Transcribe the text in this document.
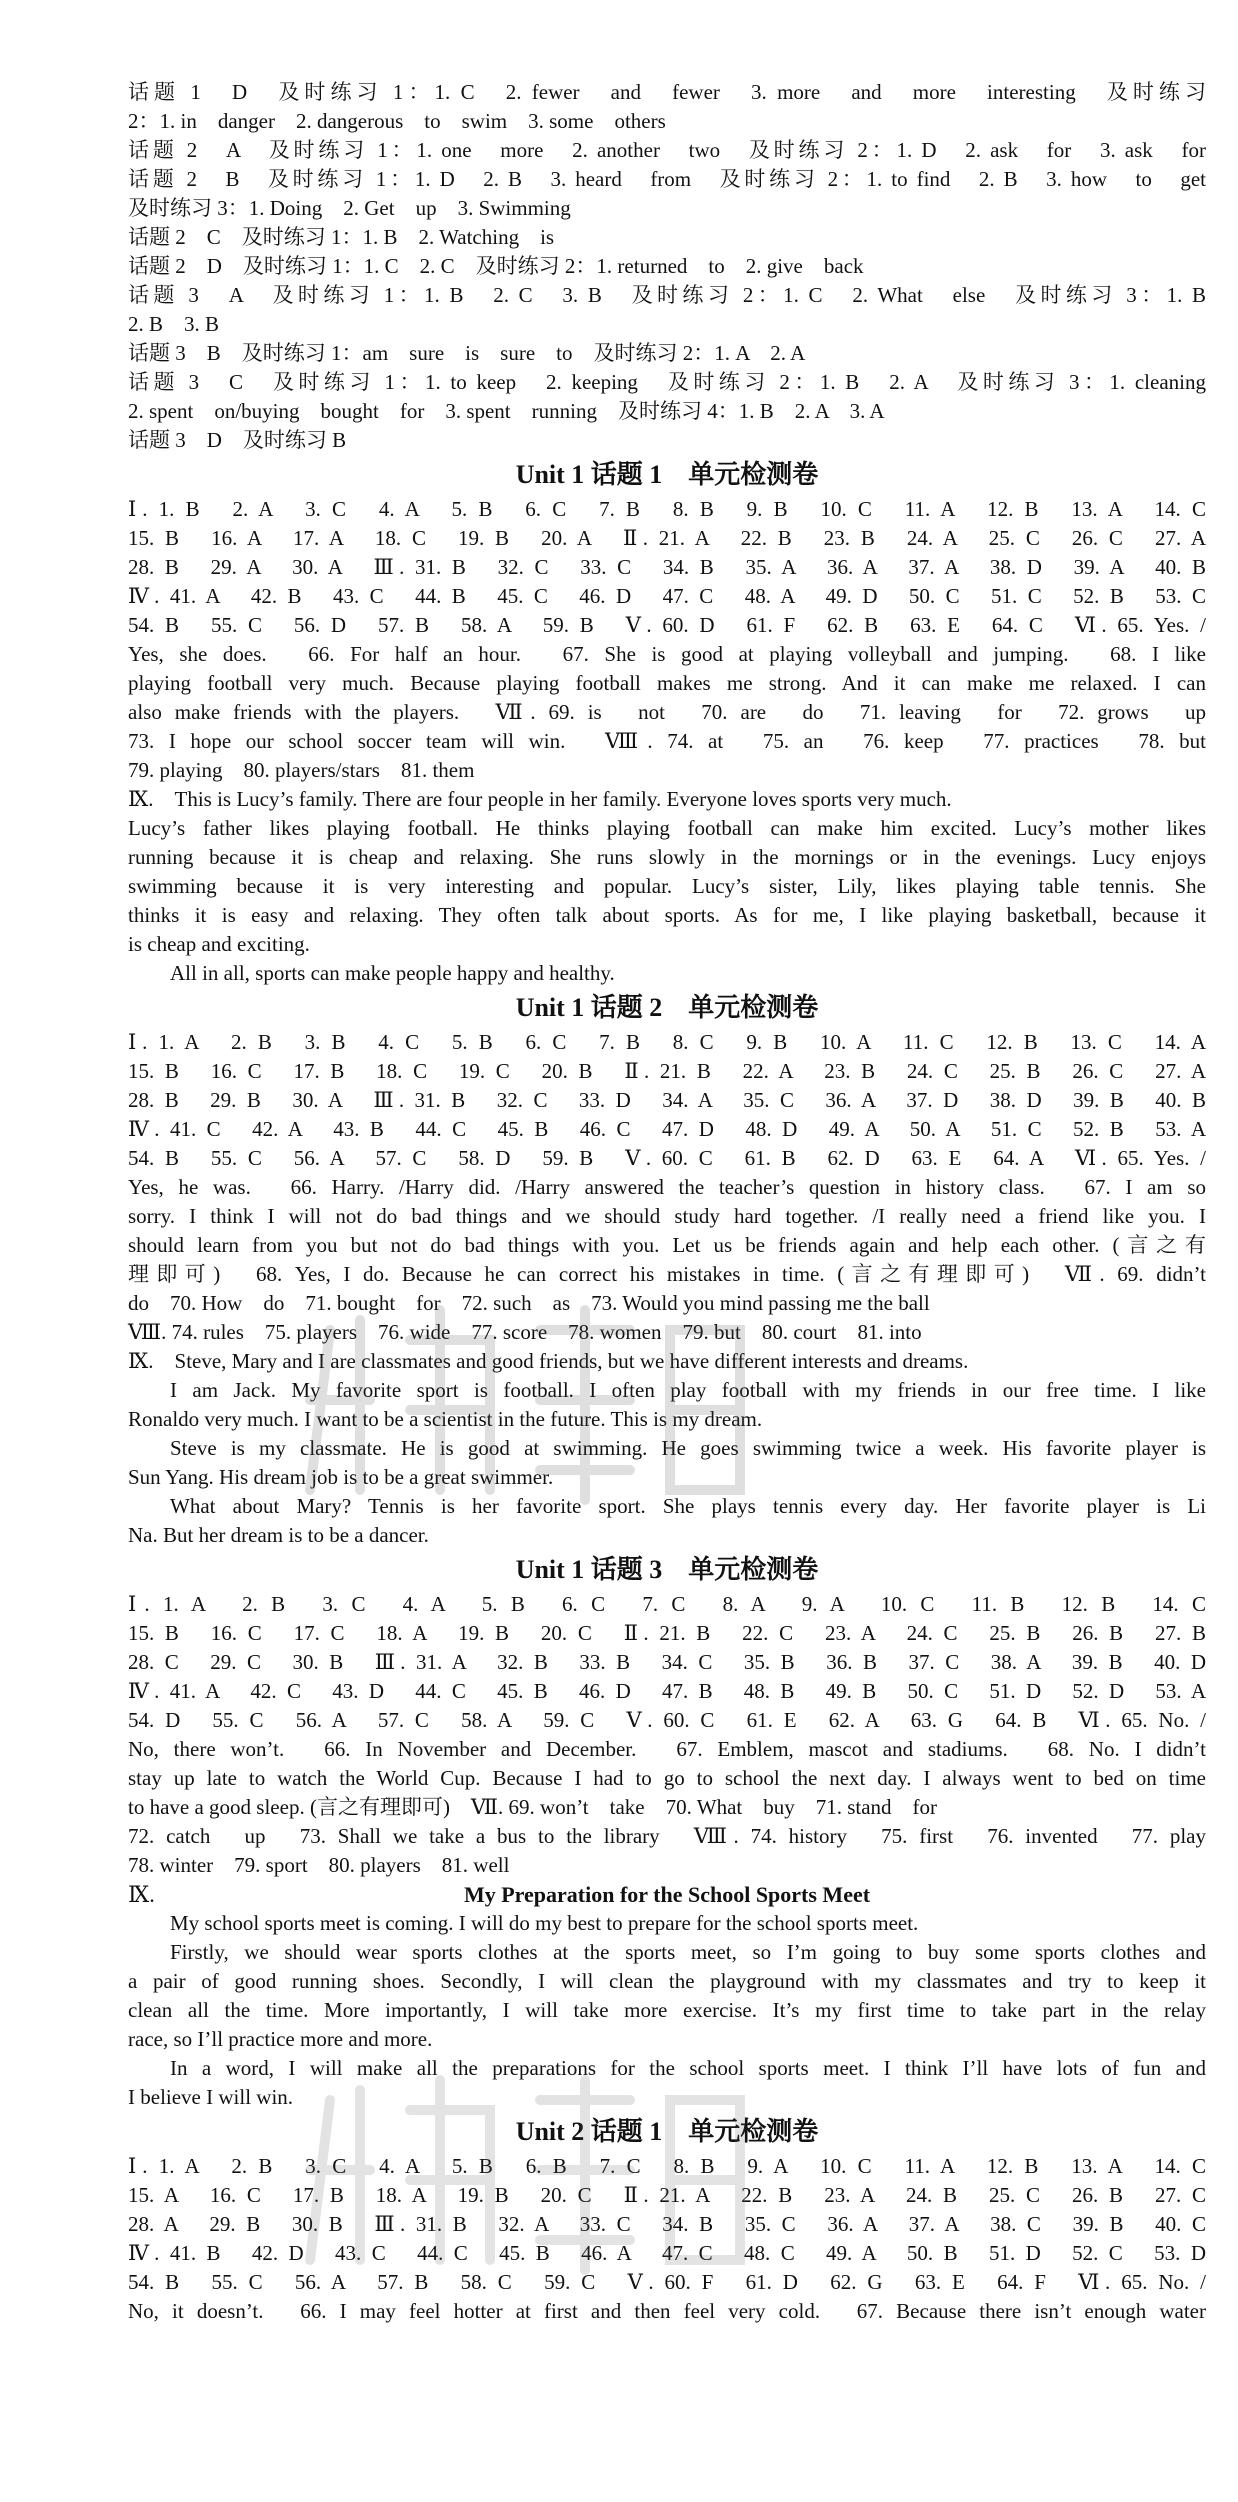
话题 1　D　及时练习 1：1. C　2. fewer　and　fewer　3. more　and　more　interesting　及时练习
2：1. in　danger　2. dangerous　to　swim　3. some　others
话题 2　A　及时练习 1：1. one　more　2. another　two　及时练习 2：1. D　2. ask　for　3. ask　for
话题 2　B　及时练习 1：1. D　2. B　3. heard　from　及时练习 2：1. to find　2. B　3. how　to　get
及时练习 3：1. Doing　2. Get　up　3. Swimming
话题 2　C　及时练习 1：1. B　2. Watching　is
话题 2　D　及时练习 1：1. C　2. C　及时练习 2：1. returned　to　2. give　back
话题 3　A　及时练习 1：1. B　2. C　3. B　及时练习 2：1. C　2. What　else　及时练习 3：1. B
2. B　3. B
话题 3　B　及时练习 1：am　sure　is　sure　to　及时练习 2：1. A　2. A
话题 3　C　及时练习 1：1. to keep　2. keeping　及时练习 2：1. B　2. A　及时练习 3：1. cleaning
2. spent　on/buying　bought　for　3. spent　running　及时练习 4：1. B　2. A　3. A
话题 3　D　及时练习 B
Unit 1 话题 1　单元检测卷
Ⅰ. 1. B　2. A　3. C　4. A　5. B　6. C　7. B　8. B　9. B　10. C　11. A　12. B　13. A　14. C
15. B　16. A　17. A　18. C　19. B　20. A　Ⅱ. 21. A　22. B　23. B　24. A　25. C　26. C　27. A
28. B　29. A　30. A　Ⅲ. 31. B　32. C　33. C　34. B　35. A　36. A　37. A　38. D　39. A　40. B
Ⅳ. 41. A　42. B　43. C　44. B　45. C　46. D　47. C　48. A　49. D　50. C　51. C　52. B　53. C
54. B　55. C　56. D　57. B　58. A　59. B　Ⅴ. 60. D　61. F　62. B　63. E　64. C　Ⅵ. 65. Yes. /
Yes, she does.　66. For half an hour.　67. She is good at playing volleyball and jumping.　68. I like
playing football very much. Because playing football makes me strong. And it can make me relaxed. I can
also make friends with the players.　Ⅶ. 69. is　not　70. are　do　71. leaving　for　72. grows　up
73. I hope our school soccer team will win.　Ⅷ. 74. at　75. an　76. keep　77. practices　78. but
79. playing　80. players/stars　81. them
Ⅸ.　This is Lucy’s family. There are four people in her family. Everyone loves sports very much.
Lucy’s father likes playing football. He thinks playing football can make him excited. Lucy’s mother likes
running because it is cheap and relaxing. She runs slowly in the mornings or in the evenings. Lucy enjoys
swimming because it is very interesting and popular. Lucy’s sister, Lily, likes playing table tennis. She
thinks it is easy and relaxing. They often talk about sports. As for me, I like playing basketball, because it
is cheap and exciting.
All in all, sports can make people happy and healthy.
Unit 1 话题 2　单元检测卷
Ⅰ. 1. A　2. B　3. B　4. C　5. B　6. C　7. B　8. C　9. B　10. A　11. C　12. B　13. C　14. A
15. B　16. C　17. B　18. C　19. C　20. B　Ⅱ. 21. B　22. A　23. B　24. C　25. B　26. C　27. A
28. B　29. B　30. A　Ⅲ. 31. B　32. C　33. D　34. A　35. C　36. A　37. D　38. D　39. B　40. B
Ⅳ. 41. C　42. A　43. B　44. C　45. B　46. C　47. D　48. D　49. A　50. A　51. C　52. B　53. A
54. B　55. C　56. A　57. C　58. D　59. B　Ⅴ. 60. C　61. B　62. D　63. E　64. A　Ⅵ. 65. Yes. /
Yes, he was.　66. Harry. /Harry did. /Harry answered the teacher’s question in history class.　67. I am so
sorry. I think I will not do bad things and we should study hard together. /I really need a friend like you. I
should learn from you but not do bad things with you. Let us be friends again and help each other. (言之有
理即可)　68. Yes, I do. Because he can correct his mistakes in time. (言之有理即可)　Ⅶ. 69. didn’t
do　70. How　do　71. bought　for　72. such　as　73. Would you mind passing me the ball
Ⅷ. 74. rules　75. players　76. wide　77. score　78. women　79. but　80. court　81. into
Ⅸ.　Steve, Mary and I are classmates and good friends, but we have different interests and dreams.
I am Jack. My favorite sport is football. I often play football with my friends in our free time. I like
Ronaldo very much. I want to be a scientist in the future. This is my dream.
Steve is my classmate. He is good at swimming. He goes swimming twice a week. His favorite player is
Sun Yang. His dream job is to be a great swimmer.
What about Mary? Tennis is her favorite sport. She plays tennis every day. Her favorite player is Li
Na. But her dream is to be a dancer.
Unit 1 话题 3　单元检测卷
Ⅰ. 1. A　2. B　3. C　4. A　5. B　6. C　7. C　8. A　9. A　10. C　11. B　12. B　14. C
15. B　16. C　17. C　18. A　19. B　20. C　Ⅱ. 21. B　22. C　23. A　24. C　25. B　26. B　27. B
28. C　29. C　30. B　Ⅲ. 31. A　32. B　33. B　34. C　35. B　36. B　37. C　38. A　39. B　40. D
Ⅳ. 41. A　42. C　43. D　44. C　45. B　46. D　47. B　48. B　49. B　50. C　51. D　52. D　53. A
54. D　55. C　56. A　57. C　58. A　59. C　Ⅴ. 60. C　61. E　62. A　63. G　64. B　Ⅵ. 65. No. /
No, there won’t.　66. In November and December.　67. Emblem, mascot and stadiums.　68. No. I didn’t
stay up late to watch the World Cup. Because I had to go to school the next day. I always went to bed on time
to have a good sleep. (言之有理即可)　Ⅶ. 69. won’t　take　70. What　buy　71. stand　for
72. catch　up　73. Shall we take a bus to the library　Ⅷ. 74. history　75. first　76. invented　77. play
78. winter　79. sport　80. players　81. well
Ⅸ.	My Preparation for the School Sports Meet
My school sports meet is coming. I will do my best to prepare for the school sports meet.
Firstly, we should wear sports clothes at the sports meet, so I’m going to buy some sports clothes and
a pair of good running shoes. Secondly, I will clean the playground with my classmates and try to keep it
clean all the time. More importantly, I will take more exercise. It’s my first time to take part in the relay
race, so I’ll practice more and more.
In a word, I will make all the preparations for the school sports meet. I think I’ll have lots of fun and
I believe I will win.
Unit 2 话题 1　单元检测卷
Ⅰ. 1. A　2. B　3. C　4. A　5. B　6. B　7. C　8. B　9. A　10. C　11. A　12. B　13. A　14. C
15. A　16. C　17. B　18. A　19. B　20. C　Ⅱ. 21. A　22. B　23. A　24. B　25. C　26. B　27. C
28. A　29. B　30. B　Ⅲ. 31. B　32. A　33. C　34. B　35. C　36. A　37. A　38. C　39. B　40. C
Ⅳ. 41. B　42. D　43. C　44. C　45. B　46. A　47. C　48. C　49. A　50. B　51. D　52. C　53. D
54. B　55. C　56. A　57. B　58. C　59. C　Ⅴ. 60. F　61. D　62. G　63. E　64. F　Ⅵ. 65. No. /
No, it doesn’t.　66. I may feel hotter at first and then feel very cold.　67. Because there isn’t enough water
